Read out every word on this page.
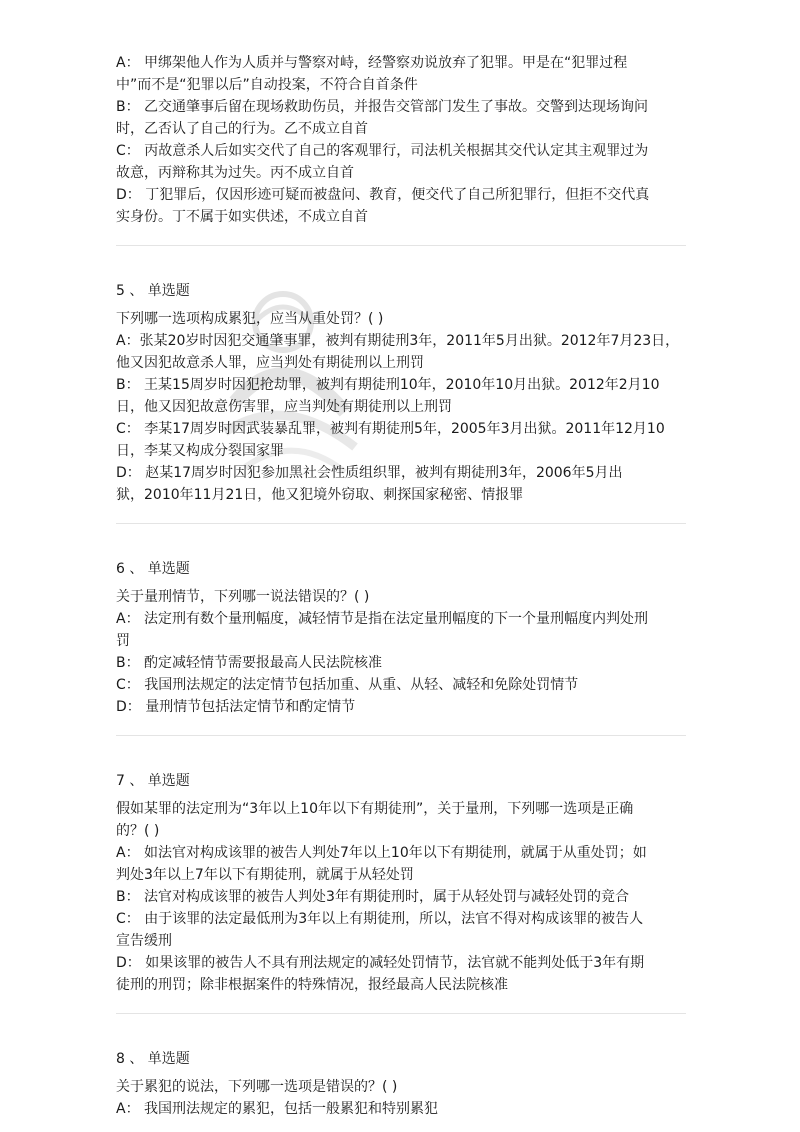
A： 甲绑架他人作为人质并与警察对峙，经警察劝说放弃了犯罪。甲是在“犯罪过程
中”而不是“犯罪以后”自动投案，不符合自首条件
B： 乙交通肇事后留在现场救助伤员，并报告交管部门发生了事故。交警到达现场询问
时，乙否认了自己的行为。乙不成立自首
C： 丙故意杀人后如实交代了自己的客观罪行，司法机关根据其交代认定其主观罪过为
故意，丙辩称其为过失。丙不成立自首
D： 丁犯罪后，仅因形迹可疑而被盘问、教育，便交代了自己所犯罪行，但拒不交代真
实身份。丁不属于如实供述，不成立自首
5 、 单选题
下列哪一选项构成累犯，应当从重处罚？( )
A：张某20岁时因犯交通肇事罪，被判有期徒刑3年，2011年5月出狱。2012年7月23日，
他又因犯故意杀人罪，应当判处有期徒刑以上刑罚
B： 王某15周岁时因犯抢劫罪，被判有期徒刑10年，2010年10月出狱。2012年2月10
日，他又因犯故意伤害罪，应当判处有期徒刑以上刑罚
C： 李某17周岁时因武装暴乱罪，被判有期徒刑5年，2005年3月出狱。2011年12月10
日，李某又构成分裂国家罪
D： 赵某17周岁时因犯参加黑社会性质组织罪，被判有期徒刑3年，2006年5月出
狱，2010年11月21日，他又犯境外窃取、刺探国家秘密、情报罪
6 、 单选题
关于量刑情节，下列哪一说法错误的？( )
A： 法定刑有数个量刑幅度，减轻情节是指在法定量刑幅度的下一个量刑幅度内判处刑
罚
B： 酌定减轻情节需要报最高人民法院核准
C： 我国刑法规定的法定情节包括加重、从重、从轻、减轻和免除处罚情节
D： 量刑情节包括法定情节和酌定情节
7 、 单选题
假如某罪的法定刑为“3年以上10年以下有期徒刑”，关于量刑，下列哪一选项是正确
的？( )
A： 如法官对构成该罪的被告人判处7年以上10年以下有期徒刑，就属于从重处罚；如
判处3年以上7年以下有期徒刑，就属于从轻处罚
B： 法官对构成该罪的被告人判处3年有期徒刑时，属于从轻处罚与减轻处罚的竞合
C： 由于该罪的法定最低刑为3年以上有期徒刑，所以，法官不得对构成该罪的被告人
宣告缓刑
D： 如果该罪的被告人不具有刑法规定的减轻处罚情节，法官就不能判处低于3年有期
徒刑的刑罚；除非根据案件的特殊情况，报经最高人民法院核准
8 、 单选题
关于累犯的说法，下列哪一选项是错误的？( )
A： 我国刑法规定的累犯，包括一般累犯和特别累犯
